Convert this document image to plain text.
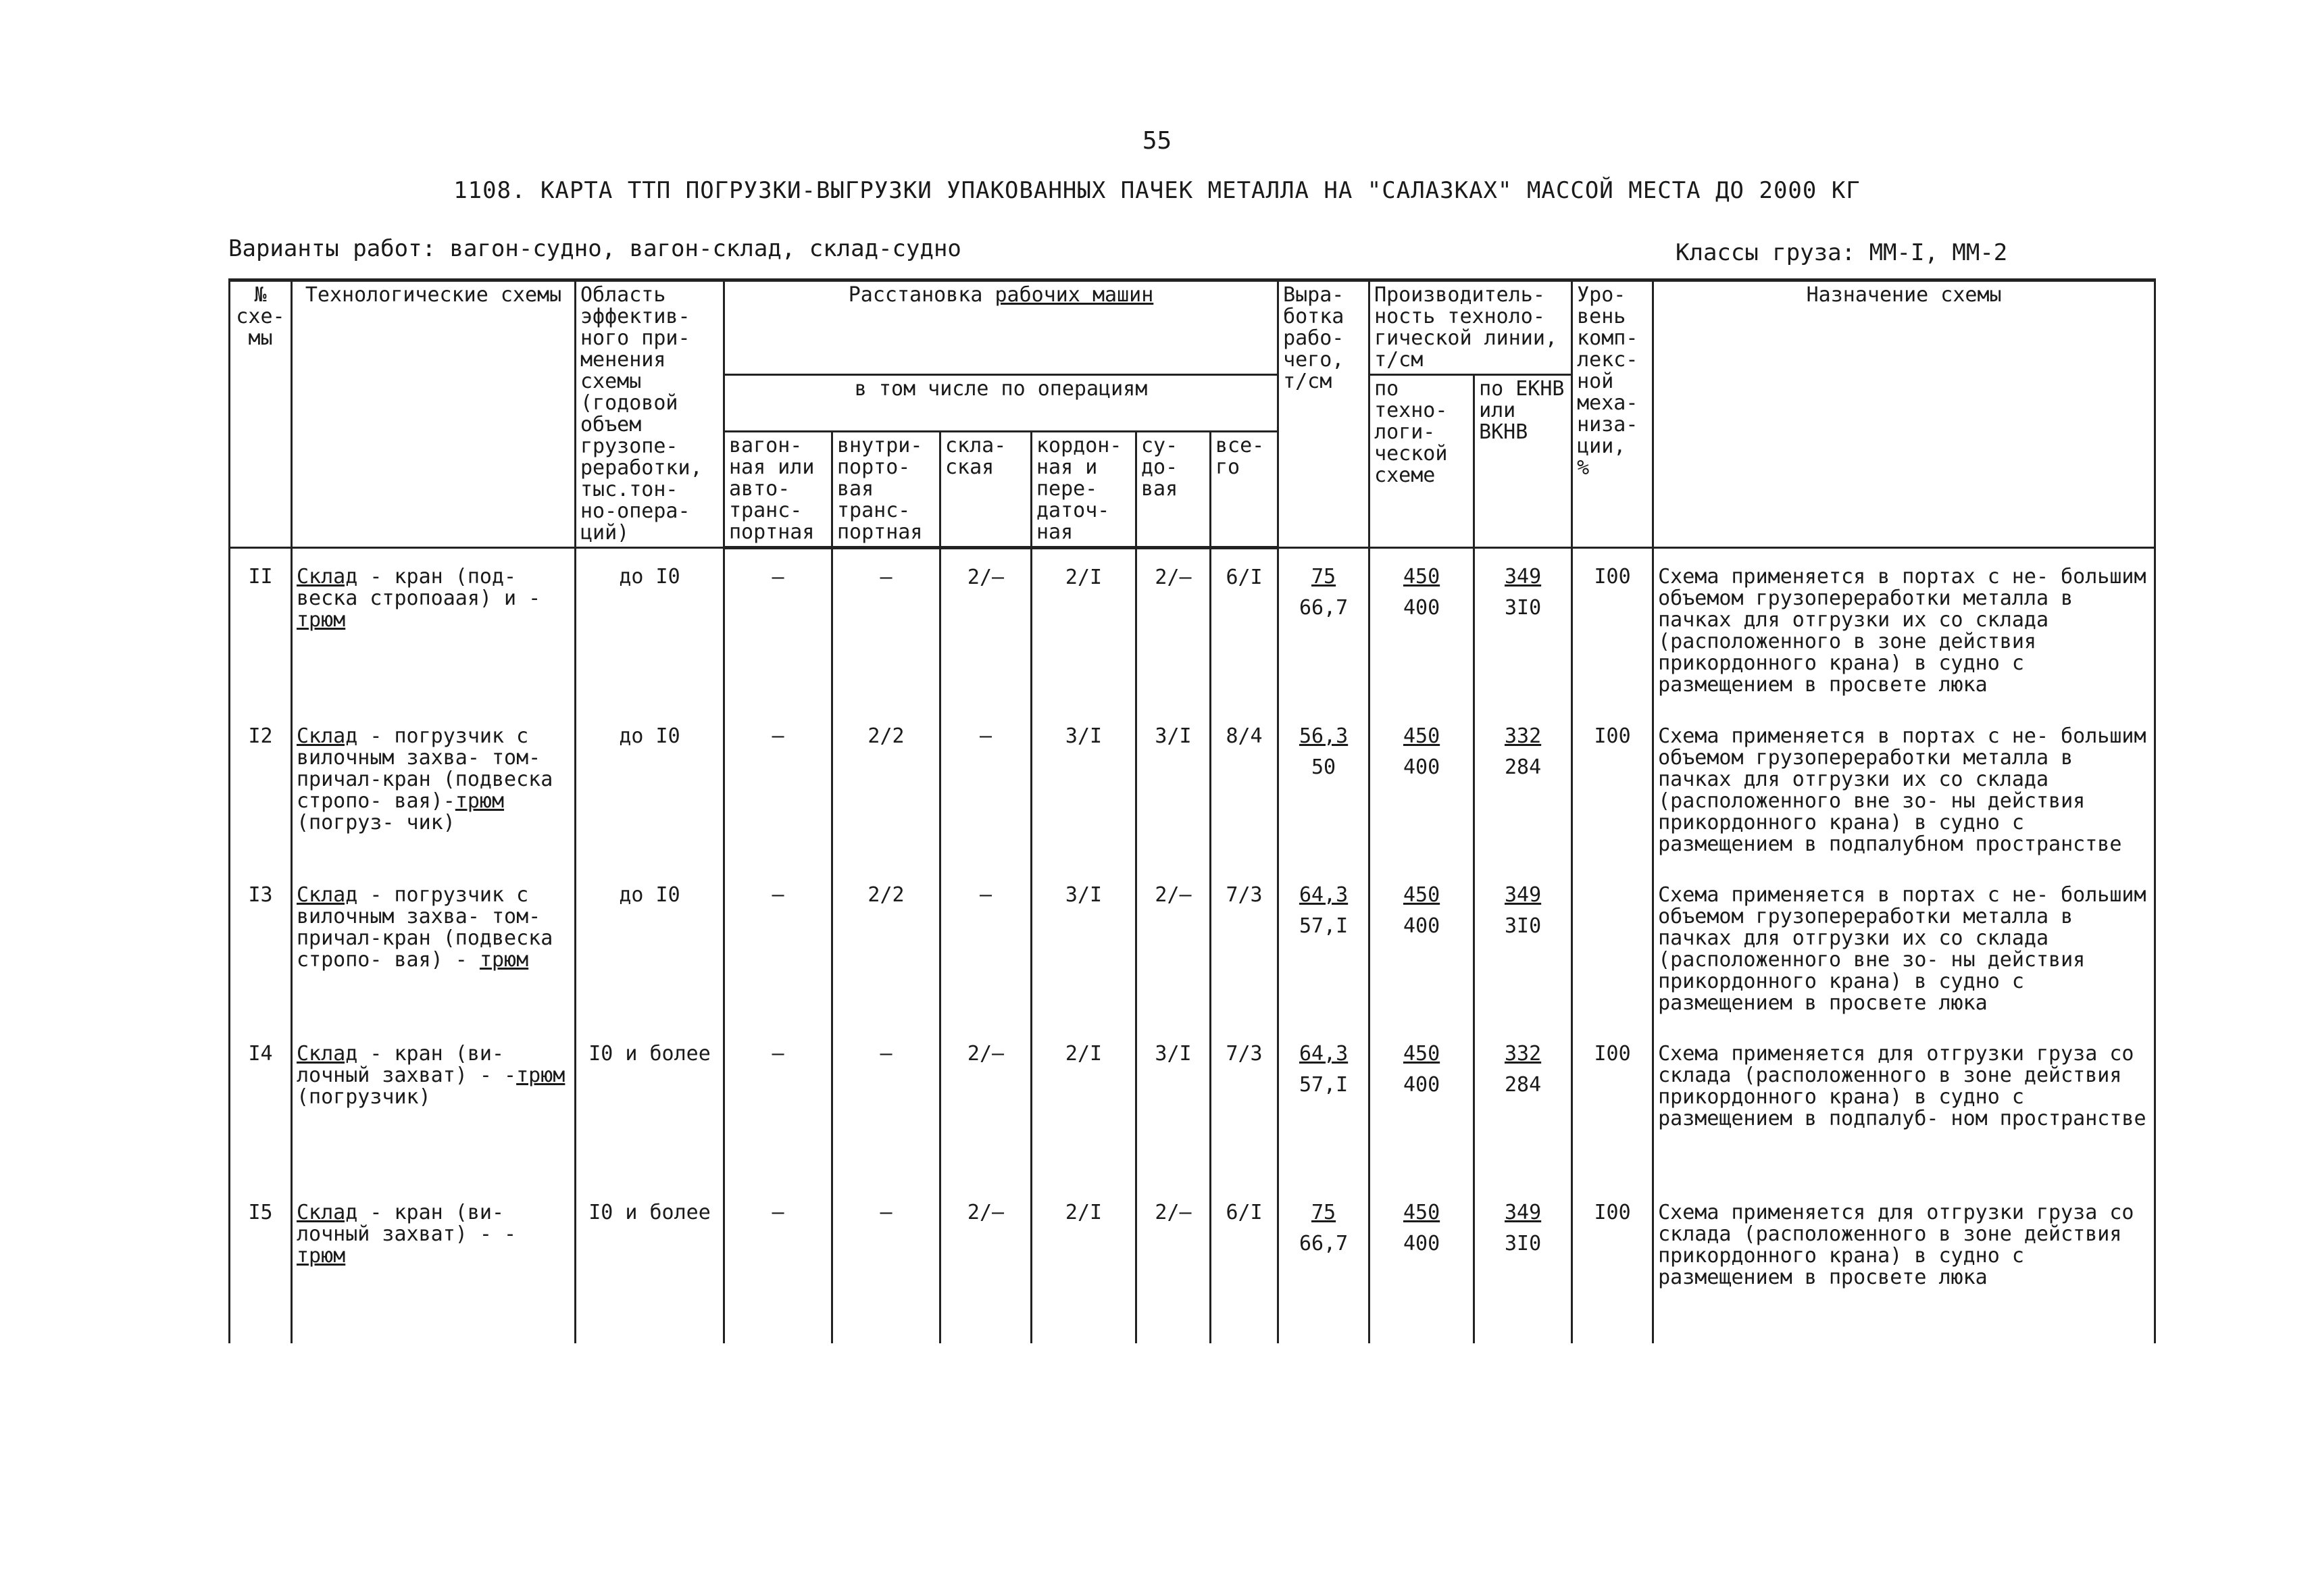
55
1108. КАРТА ТТП ПОГРУЗКИ-ВЫГРУЗКИ УПАКОВАННЫХ ПАЧЕК МЕТАЛЛА НА "САЛАЗКАХ" МАССОЙ МЕСТА ДО 2000 КГ
Варианты работ: вагон-судно, вагон-склад, склад-судно	Классы груза: ММ-I, ММ-2
№ схе- мы	Технологические схемы	Область эффектив- ного при- менения схемы (годовой объем грузопе- реработки, тыс.тон- но-опера- ций)	Расстановка рабочих машин						Выра- ботка рабо- чего, т/см	Производитель- ность техноло- гической линии, т/см		Уро- вень комп- лекс- ной меха- низа- ции, %	Назначение схемы
			в том числе по операциям							по техно- логи- ческой схеме	по ЕКНВ или ВКНВ		
			вагон- ная или авто- транс- портная	внутри- порто- вая транс- портная	скла- ская	кордон- ная и пере- даточ- ная	су- до- вая	все- го					
II	Склад - кран (под- веска стропоаая) и - трюм	до I0	–	–	2/–	2/I	2/–	6/I	$\frac{75}{66,7}$	$\frac{450}{400}$	$\frac{349}{3I0}$	I00	Схема применяется в портах с не- большим объемом грузопереработки металла в пачках для отгрузки их со склада (расположенного в зоне действия прикордонного крана) в судно с размещением в просвете люка
I2	Склад - погрузчик с вилочным захва- том-причал-кран (подвеска стропо- вая)-трюм (погруз- чик)	до I0	–	2/2	–	3/I	3/I	8/4	$\frac{56,3}{50}$	$\frac{450}{400}$	$\frac{332}{284}$	I00	Схема применяется в портах с не- большим объемом грузопереработки металла в пачках для отгрузки их со склада (расположенного вне зо- ны действия прикордонного крана) в судно с размещением в подпалубном пространстве
I3	Склад - погрузчик с вилочным захва- том- причал-кран (подвеска стропо- вая) - трюм	до I0	–	2/2	–	3/I	2/–	7/3	$\frac{64,3}{57,I}$	$\frac{450}{400}$	$\frac{349}{3I0}$		Схема применяется в портах с не- большим объемом грузопереработки металла в пачках для отгрузки их со склада (расположенного вне зо- ны действия прикордонного крана) в судно с размещением в просвете люка
I4	Склад - кран (ви- лочный захват) - -трюм (погрузчик)	I0 и более	–	–	2/–	2/I	3/I	7/3	$\frac{64,3}{57,I}$	$\frac{450}{400}$	$\frac{332}{284}$	I00	Схема применяется для отгрузки груза со склада (расположенного в зоне действия прикордонного крана) в судно с размещением в подпалуб- ном пространстве
I5	Склад - кран (ви- лочный захват) - - трюм	I0 и более	–	–	2/–	2/I	2/–	6/I	$\frac{75}{66,7}$	$\frac{450}{400}$	$\frac{349}{3I0}$	I00	Схема применяется для отгрузки груза со склада (расположенного в зоне действия прикордонного крана) в судно с размещением в просвете люка
